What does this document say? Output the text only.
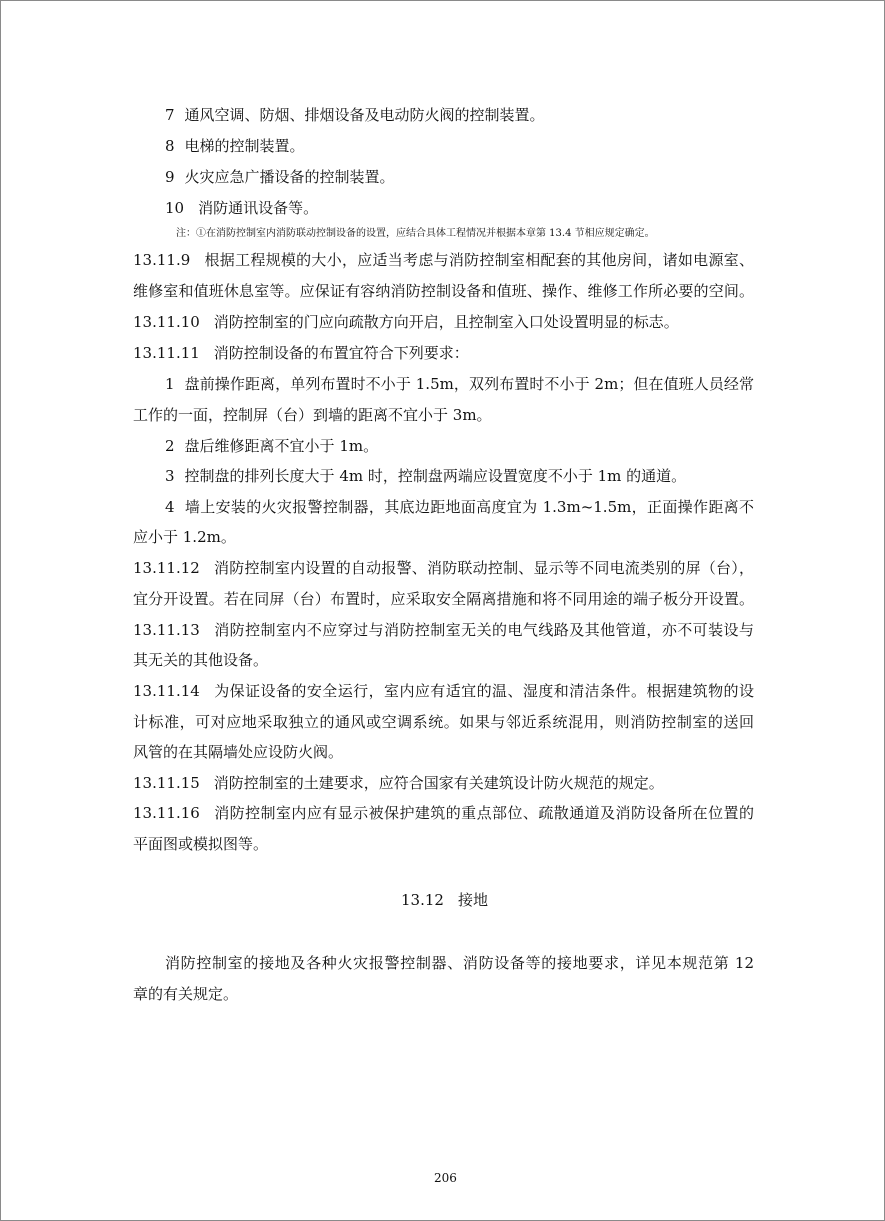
7 通风空调、防烟、排烟设备及电动防火阀的控制装置。
8 电梯的控制装置。
9 火灾应急广播设备的控制装置。
10 消防通讯设备等。
注：①在消防控制室内消防联动控制设备的设置，应结合具体工程情况并根据本章第 13.4 节相应规定确定。
13.11.9 根据工程规模的大小，应适当考虑与消防控制室相配套的其他房间，诸如电源室、
维修室和值班休息室等。应保证有容纳消防控制设备和值班、操作、维修工作所必要的空间。
13.11.10 消防控制室的门应向疏散方向开启，且控制室入口处设置明显的标志。
13.11.11 消防控制设备的布置宜符合下列要求：
1 盘前操作距离，单列布置时不小于 1.5m，双列布置时不小于 2m；但在值班人员经常
工作的一面，控制屏（台）到墙的距离不宜小于 3m。
2 盘后维修距离不宜小于 1m。
3 控制盘的排列长度大于 4m 时，控制盘两端应设置宽度不小于 1m 的通道。
4 墙上安装的火灾报警控制器，其底边距地面高度宜为 1.3m~1.5m，正面操作距离不
应小于 1.2m。
13.11.12 消防控制室内设置的自动报警、消防联动控制、显示等不同电流类别的屏（台），
宜分开设置。若在同屏（台）布置时，应采取安全隔离措施和将不同用途的端子板分开设置。
13.11.13 消防控制室内不应穿过与消防控制室无关的电气线路及其他管道，亦不可装设与
其无关的其他设备。
13.11.14 为保证设备的安全运行，室内应有适宜的温、湿度和清洁条件。根据建筑物的设
计标准，可对应地采取独立的通风或空调系统。如果与邻近系统混用，则消防控制室的送回
风管的在其隔墙处应设防火阀。
13.11.15 消防控制室的土建要求，应符合国家有关建筑设计防火规范的规定。
13.11.16 消防控制室内应有显示被保护建筑的重点部位、疏散通道及消防设备所在位置的
平面图或模拟图等。
13.12 接地
消防控制室的接地及各种火灾报警控制器、消防设备等的接地要求，详见本规范第 12
章的有关规定。
206
